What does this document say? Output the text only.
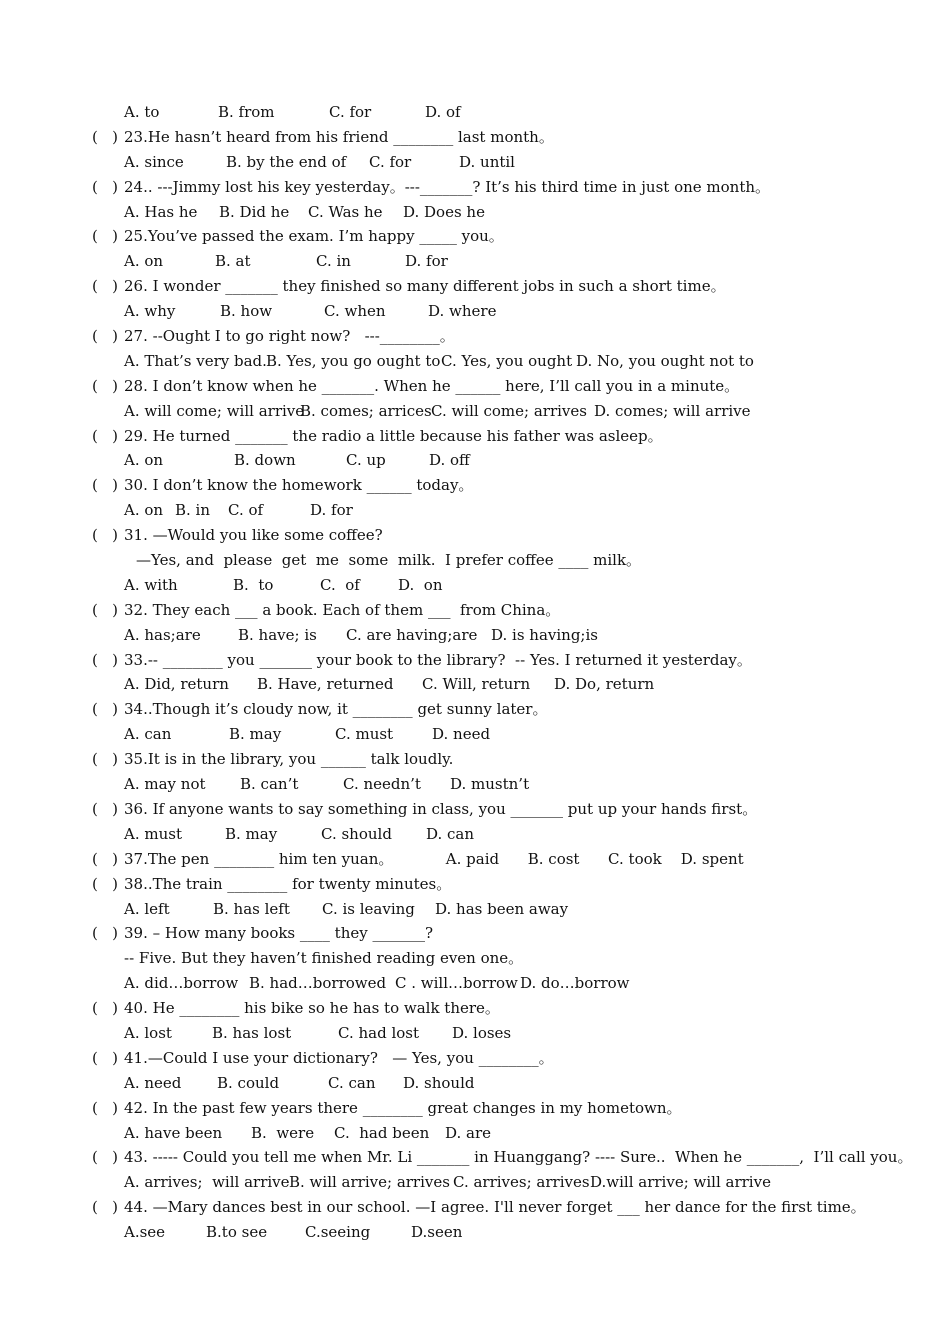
A. to	B. from	C. for	D. of
(   ) 23.He hasn’t heard from his friend ________ last month。
A. since	B. by the end of C. for	D. until
(   ) 24.. ---Jimmy lost his key yesterday。---_______? It’s his third time in just one month。
A. Has he B. Did he C. Was he D. Does he
(   ) 25.You’ve passed the exam. I’m happy _____ you。
A. on	B. at	C. in	D. for
(   ) 26. I wonder _______ they finished so many different jobs in such a short time。
A. why	B. how	C. when	D. where
(   ) 27. --Ought I to go right now?   ---________。
A. That’s very bad.B. Yes, you go ought toC. Yes, you ought D. No, you ought not to
(   ) 28. I don’t know when he _______. When he ______ here, I’ll call you in a minute。
A. will come; will arriveB. comes; arricesC. will come; arrives D. comes; will arrive
(   ) 29. He turned _______ the radio a little because his father was asleep。
A. on	B. down	C. up	D. off
(   ) 30. I don’t know the homework ______ today。
A. on B. in C. of	D. for
(   ) 31. —Would you like some coffee?
—Yes, and  please  get  me  some  milk.  I prefer coffee ____ milk。
A. with	B.  to	C.  of	D.  on
(   ) 32. They each ___ a book. Each of them ___  from China。
A. has;are B. have; is C. are having;are D. is having;is
(   ) 33.-- ________ you _______ your book to the library?  -- Yes. I returned it yesterday。
A. Did, return B. Have, returned C. Will, return D. Do, return
(   ) 34..Though it’s cloudy now, it ________ get sunny later。
A. can	B. may	C. must	D. need
(   ) 35.It is in the library, you ______ talk loudly.
A. may not B. can’t	C. needn’t D. mustn’t
(   ) 36. If anyone wants to say something in class, you _______ put up your hands first。
A. must	B. may	C. should D. can
(   ) 37.The pen ________ him ten yuan。           A. paid      B. cost      C. took    D. spent
(   ) 38..The train ________ for twenty minutes。
A. left	B. has left C. is leaving D. has been away
(   ) 39. – How many books ____ they _______?
-- Five. But they haven’t finished reading even one。
A. did…borrow B. had…borrowed C . will…borrow D. do…borrow
(   ) 40. He ________ his bike so he has to walk there。
A. lost	B. has lost	C. had lost D. loses
(   ) 41.—Could I use your dictionary?   — Yes, you ________。
A. need B. could	C. can D. should
(   ) 42. In the past few years there ________ great changes in my hometown。
A. have been B.  were C.  had been D. are
(   ) 43. ----- Could you tell me when Mr. Li _______ in Huanggang? ---- Sure..  When he _______,  I’ll call you。
A. arrives;  will arriveB. will arrive; arrives C. arrives; arrivesD.will arrive; will arrive
(   ) 44. —Mary dances best in our school. —I agree. I'll never forget ___ her dance for the first time。
A.see	B.to see	C.seeing	D.seen
